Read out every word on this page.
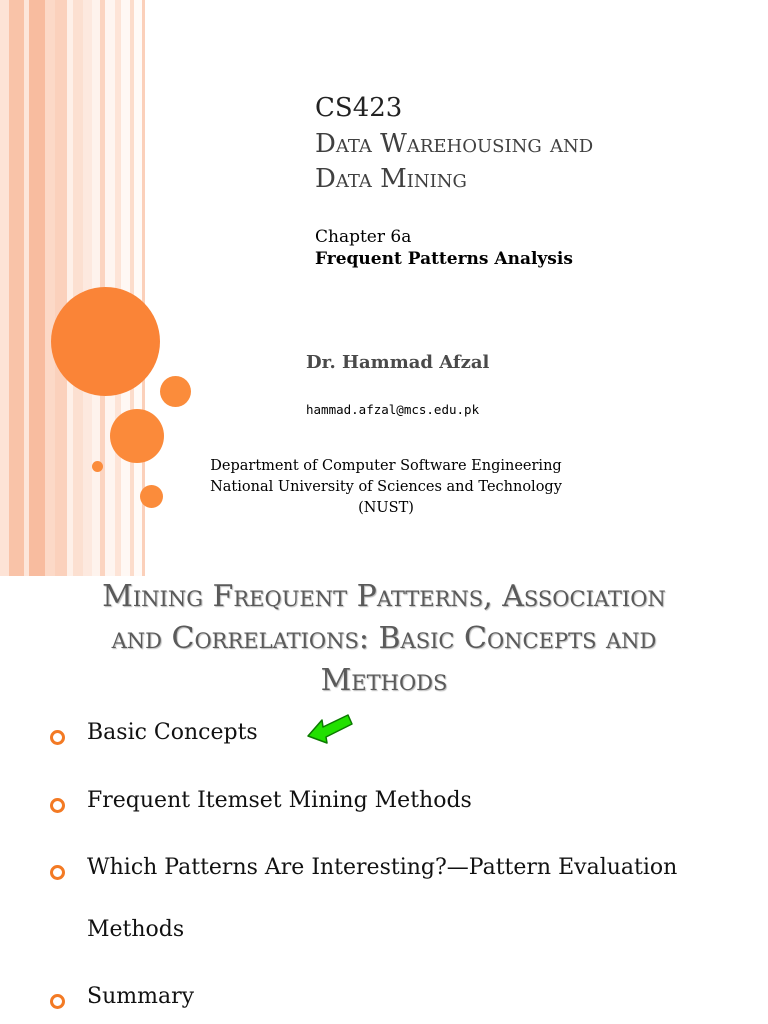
CS423
Data Warehousing and
Data Mining
Chapter 6a
Frequent Patterns Analysis
Dr. Hammad Afzal
hammad.afzal@mcs.edu.pk
Department of Computer Software Engineering
National University of Sciences and Technology
(NUST)
Mining Frequent Patterns, Association
and Correlations: Basic Concepts and
Methods
Basic Concepts
Frequent Itemset Mining Methods
Which Patterns Are Interesting?—Pattern Evaluation Methods
Summary
